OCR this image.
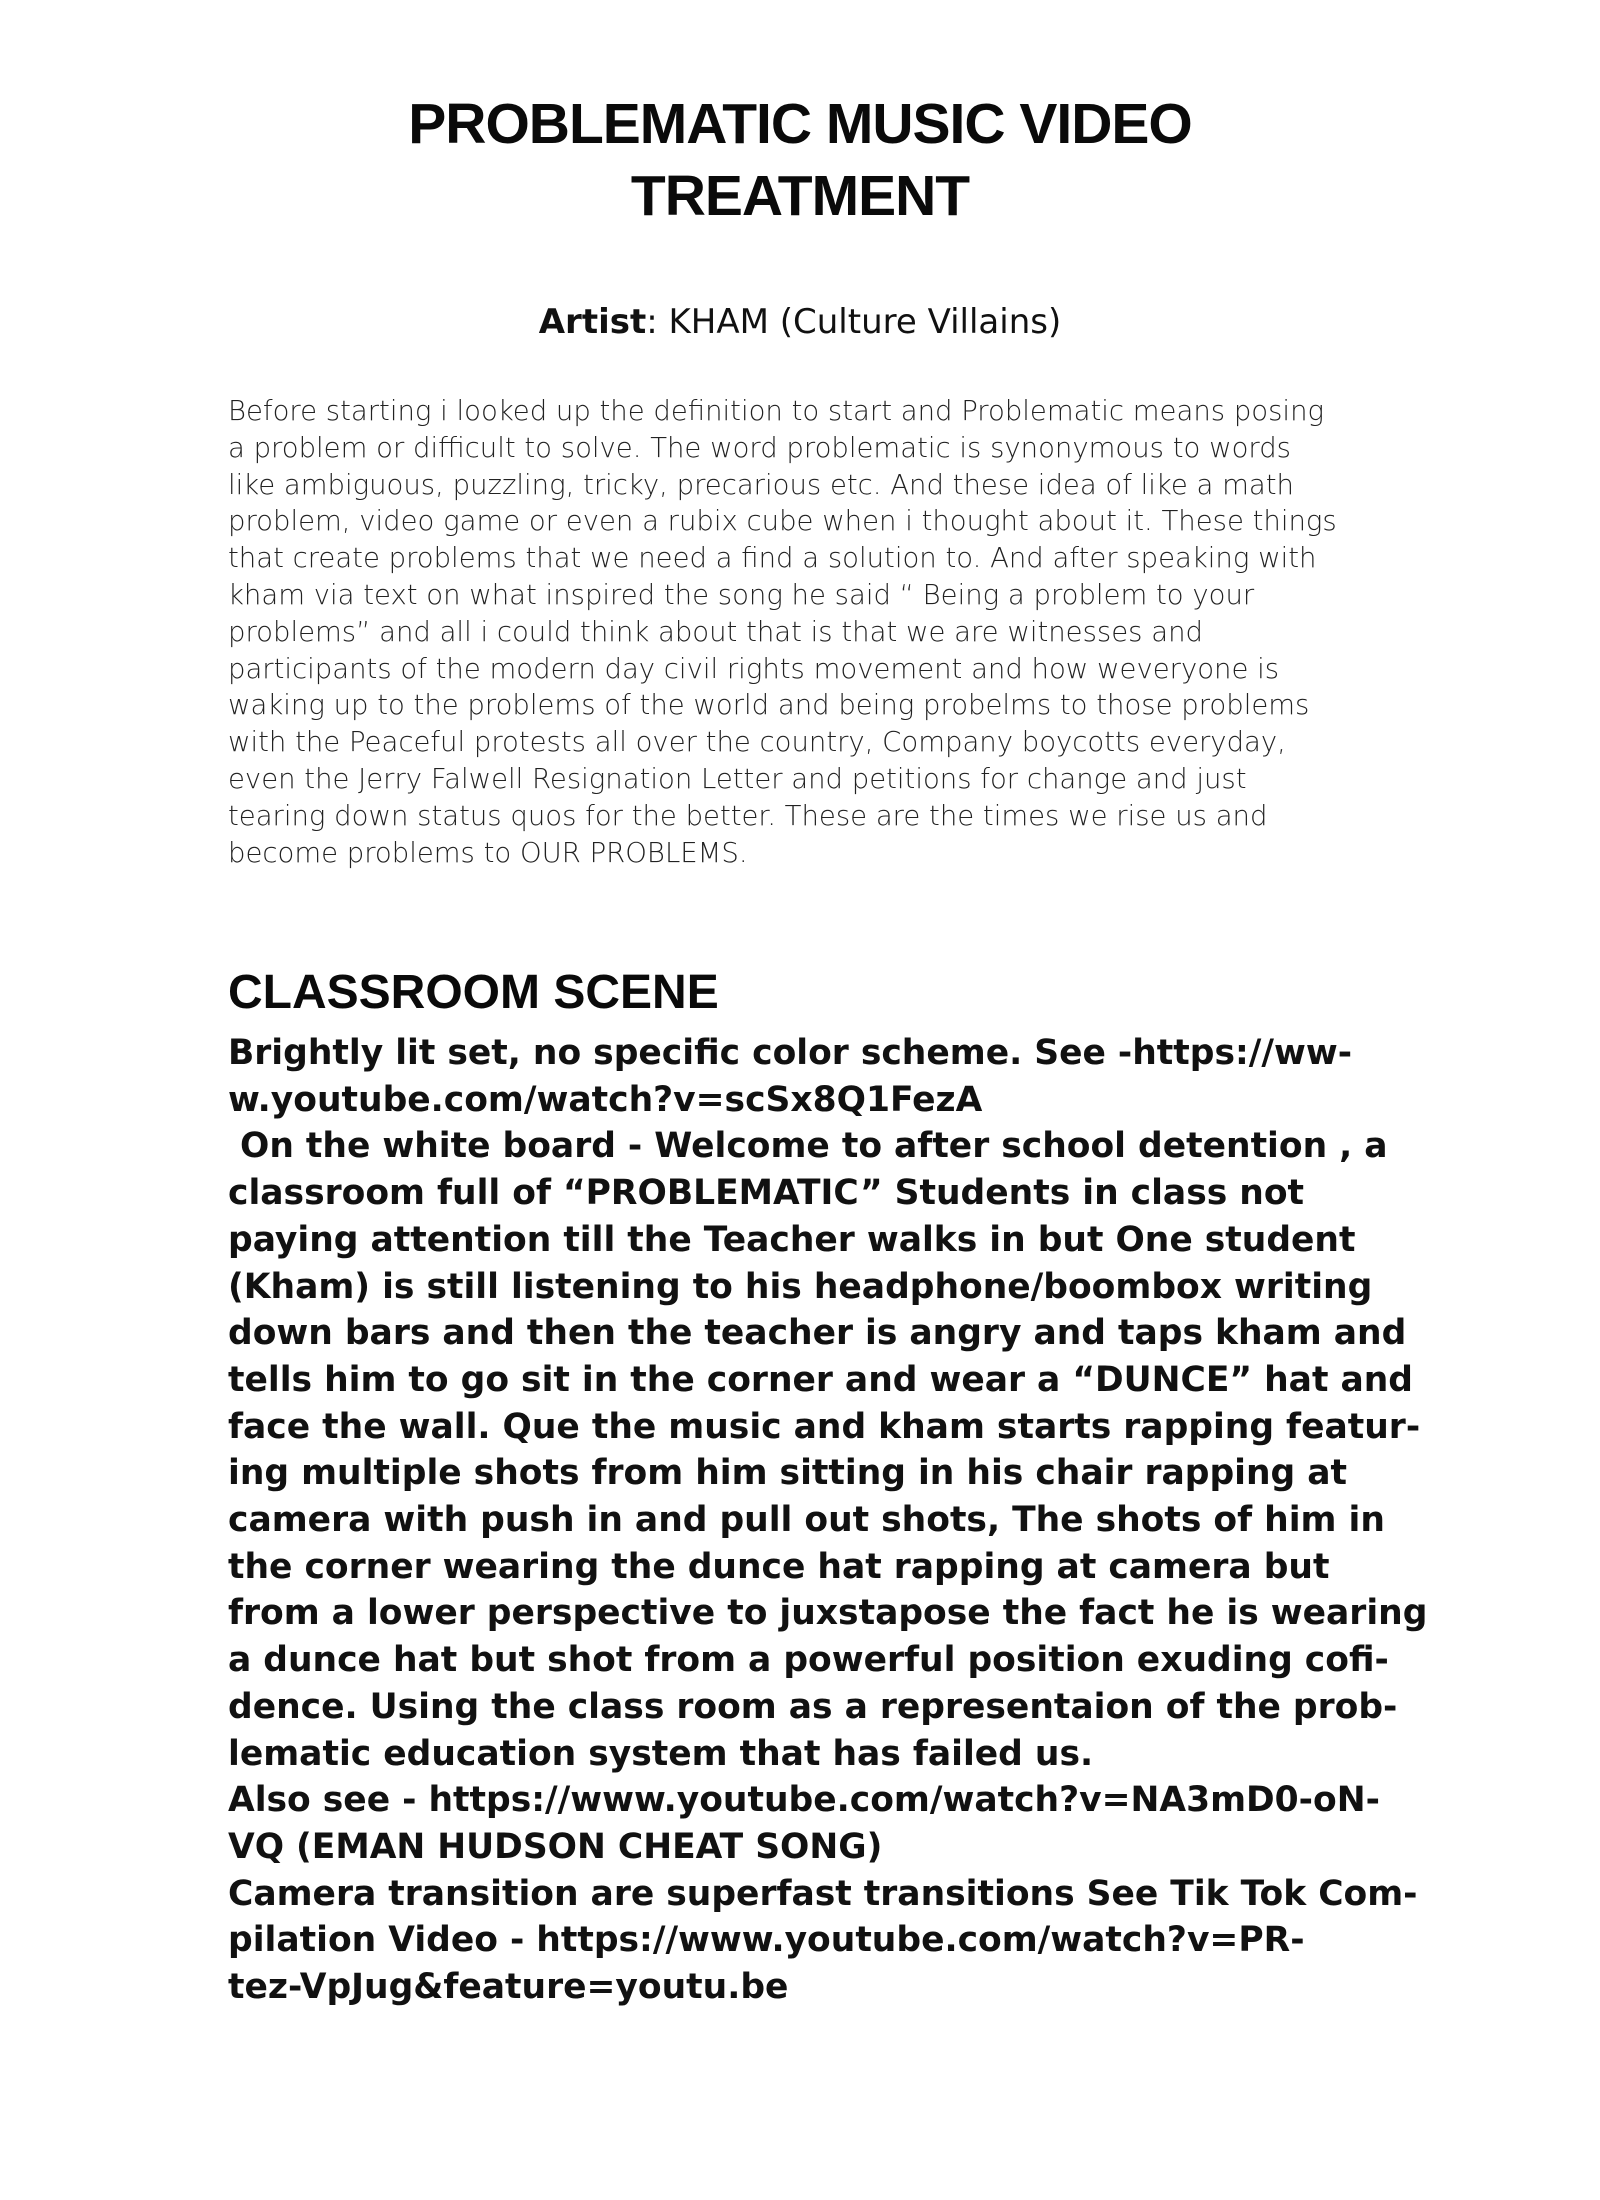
PROBLEMATIC MUSIC VIDEO
TREATMENT
Artist: KHAM (Culture Villains)

Before starting i looked up the definition to start and Problematic means posing
a problem or difficult to solve. The word problematic is synonymous to words
like ambiguous, puzzling, tricky, precarious etc. And these idea of like a math
problem, video game or even a rubix cube when i thought about it. These things
that create problems that we need a find a solution to. And after speaking with
kham via text on what inspired the song he said “ Being a problem to your
problems” and all i could think about that is that we are witnesses and
participants of the modern day civil rights movement and how weveryone is
waking up to the problems of the world and being probelms to those problems
with the Peaceful protests all over the country, Company boycotts everyday,
even the Jerry Falwell Resignation Letter and petitions for change and just
tearing down status quos for the better. These are the times we rise us and
become problems to OUR PROBLEMS.

CLASSROOM SCENE

Brightly lit set, no specific color scheme. See -https://ww-
w.youtube.com/watch?v=scSx8Q1FezA
On the white board - Welcome to after school detention , a
classroom full of “PROBLEMATIC” Students in class not
paying attention till the Teacher walks in but One student
(Kham) is still listening to his headphone/boombox writing
down bars and then the teacher is angry and taps kham and
tells him to go sit in the corner and wear a “DUNCE” hat and
face the wall. Que the music and kham starts rapping featur-
ing multiple shots from him sitting in his chair rapping at
camera with push in and pull out shots, The shots of him in
the corner wearing the dunce hat rapping at camera but
from a lower perspective to juxstapose the fact he is wearing
a dunce hat but shot from a powerful position exuding cofi-
dence. Using the class room as a representaion of the prob-
lematic education system that has failed us.
Also see - https://www.youtube.com/watch?v=NA3mD0-oN-
VQ (EMAN HUDSON CHEAT SONG)
Camera transition are superfast transitions See Tik Tok Com-
pilation Video - https://www.youtube.com/watch?v=PR-
tez-VpJug&feature=youtu.be
